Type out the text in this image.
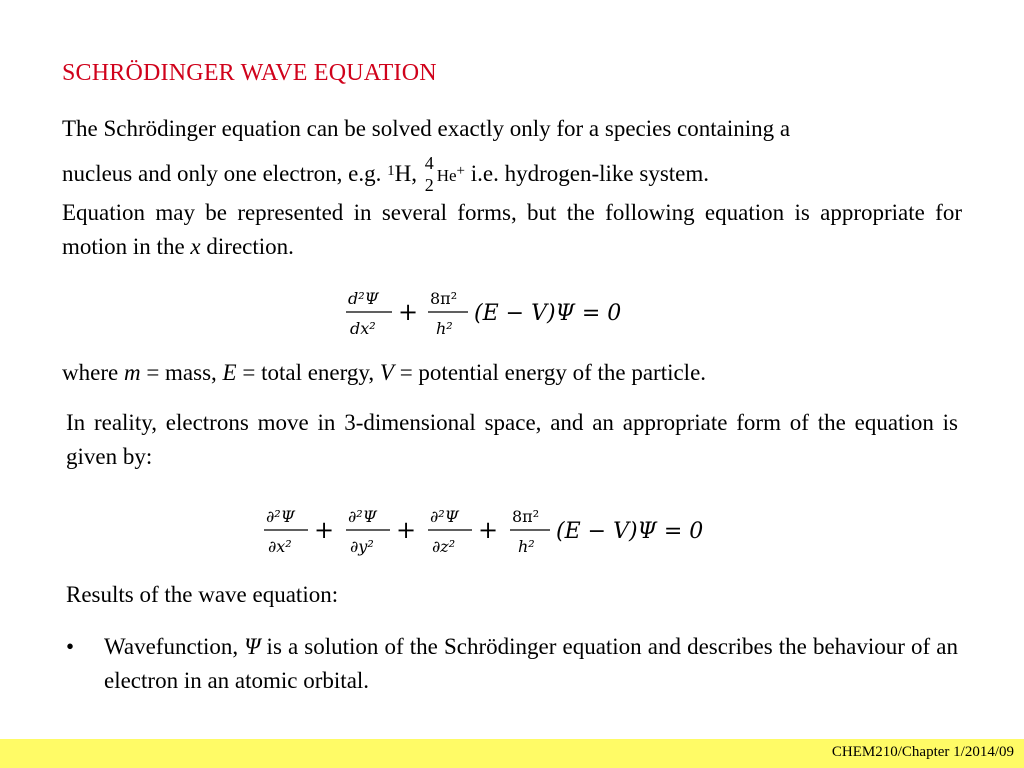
SCHRÖDINGER WAVE EQUATION
The Schrödinger equation can be solved exactly only for a species containing a
nucleus and only one electron, e.g. $^1$H, 4
2 He+ i.e. hydrogen-like system.
Equation may be represented in several forms, but the following equation is appropriate for motion in the x direction.
d²Ψ
dx²
+ 8π²
h²
(E − V)Ψ = 0
where m = mass, E = total energy, V = potential energy of the particle.
In reality, electrons move in 3-dimensional space, and an appropriate form of the equation is given by:
∂²Ψ
∂x²
+ ∂²Ψ
∂y²
+ ∂²Ψ
∂z²
+ 8π²
h²
(E − V)Ψ = 0
Results of the wave equation:
• Wavefunction, Ψ is a solution of the Schrödinger equation and describes the behaviour of an electron in an atomic orbital.
CHEM210/Chapter 1/2014/09
